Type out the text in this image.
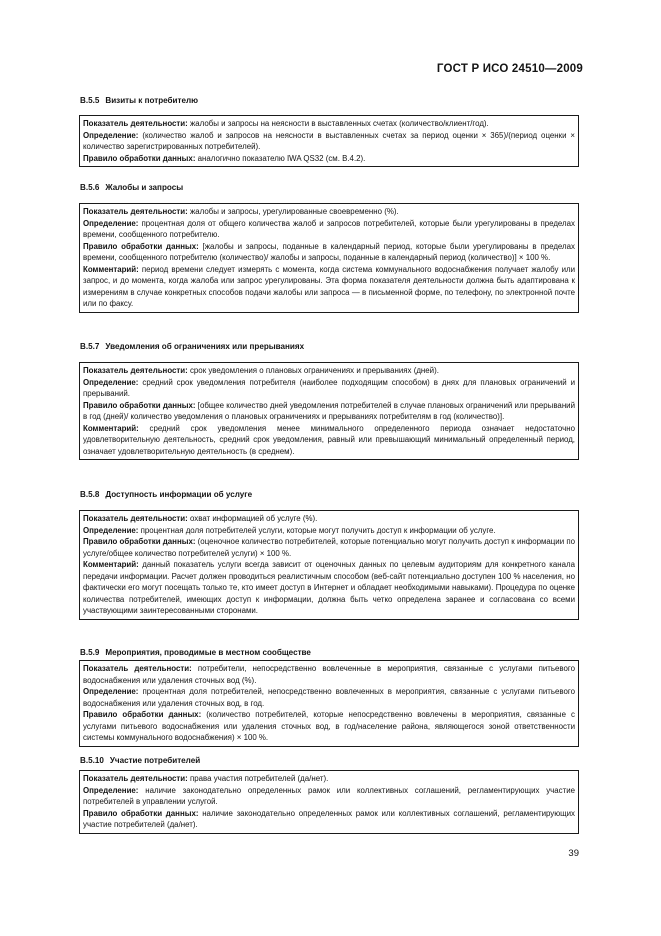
ГОСТ Р ИСО 24510—2009
В.5.5 Визиты к потребителю

Показатель деятельности: жалобы и запросы на неясности в выставленных счетах (количество/клиент/год).

Определение: (количество жалоб и запросов на неясности в выставленных счетах за период оценки × 365)/(период оценки × количество зарегистрированных потребителей).

Правило обработки данных: аналогично показателю IWA QS32 (см. В.4.2).

В.5.6 Жалобы и запросы

Показатель деятельности: жалобы и запросы, урегулированные своевременно (%).

Определение: процентная доля от общего количества жалоб и запросов потребителей, которые были урегулированы в пределах времени, сообщенного потребителю.

Правило обработки данных: [жалобы и запросы, поданные в календарный период, которые были урегулированы в пределах времени, сообщенного потребителю (количество)/ жалобы и запросы, поданные в календарный период (количество)] × 100 %.

Комментарий: период времени следует измерять с момента, когда система коммунального водоснабжения получает жалобу или запрос, и до момента, когда жалоба или запрос урегулированы. Эта форма показателя деятельности должна быть адаптирована к измерениям в случае конкретных способов подачи жалобы или запроса — в письменной форме, по телефону, по электронной почте или по факсу.

В.5.7 Уведомления об ограничениях или прерываниях

Показатель деятельности: срок уведомления о плановых ограничениях и прерываниях (дней).

Определение: средний срок уведомления потребителя (наиболее подходящим способом) в днях для плановых ограничений и прерываний.

Правило обработки данных: [общее количество дней уведомления потребителей в случае плановых ограничений или прерываний в год (дней)/ количество уведомления о плановых ограничениях и прерываниях потребителям в год (количество)].

Комментарий: средний срок уведомления менее минимального определенного периода означает недостаточно удовлетворительную деятельность, средний срок уведомления, равный или превышающий минимальный определенный период, означает удовлетворительную деятельность (в среднем).

В.5.8 Доступность информации об услуге

Показатель деятельности: охват информацией об услуге (%).

Определение: процентная доля потребителей услуги, которые могут получить доступ к информации об услуге.

Правило обработки данных: (оценочное количество потребителей, которые потенциально могут получить доступ к информации по услуге/общее количество потребителей услуги) × 100 %.

Комментарий: данный показатель услуги всегда зависит от оценочных данных по целевым аудиториям для конкретного канала передачи информации. Расчет должен проводиться реалистичным способом (веб-сайт потенциально доступен 100 % населения, но фактически его могут посещать только те, кто имеет доступ в Интернет и обладает необходимыми навыками). Процедура по оценке количества потребителей, имеющих доступ к информации, должна быть четко определена заранее и согласована со всеми участвующими заинтересованными сторонами.

В.5.9 Мероприятия, проводимые в местном сообществе

Показатель деятельности: потребители, непосредственно вовлеченные в мероприятия, связанные с услугами питьевого водоснабжения или удаления сточных вод (%).

Определение: процентная доля потребителей, непосредственно вовлеченных в мероприятия, связанные с услугами питьевого водоснабжения или удаления сточных вод, в год.

Правило обработки данных: (количество потребителей, которые непосредственно вовлечены в мероприятия, связанные с услугами питьевого водоснабжения или удаления сточных вод, в год/население района, являющегося зоной ответственности системы коммунального водоснабжения) × 100 %.

В.5.10 Участие потребителей

Показатель деятельности: права участия потребителей (да/нет).

Определение: наличие законодательно определенных рамок или коллективных соглашений, регламентирующих участие потребителей в управлении услугой.

Правило обработки данных: наличие законодательно определенных рамок или коллективных соглашений, регламентирующих участие потребителей (да/нет).

39
